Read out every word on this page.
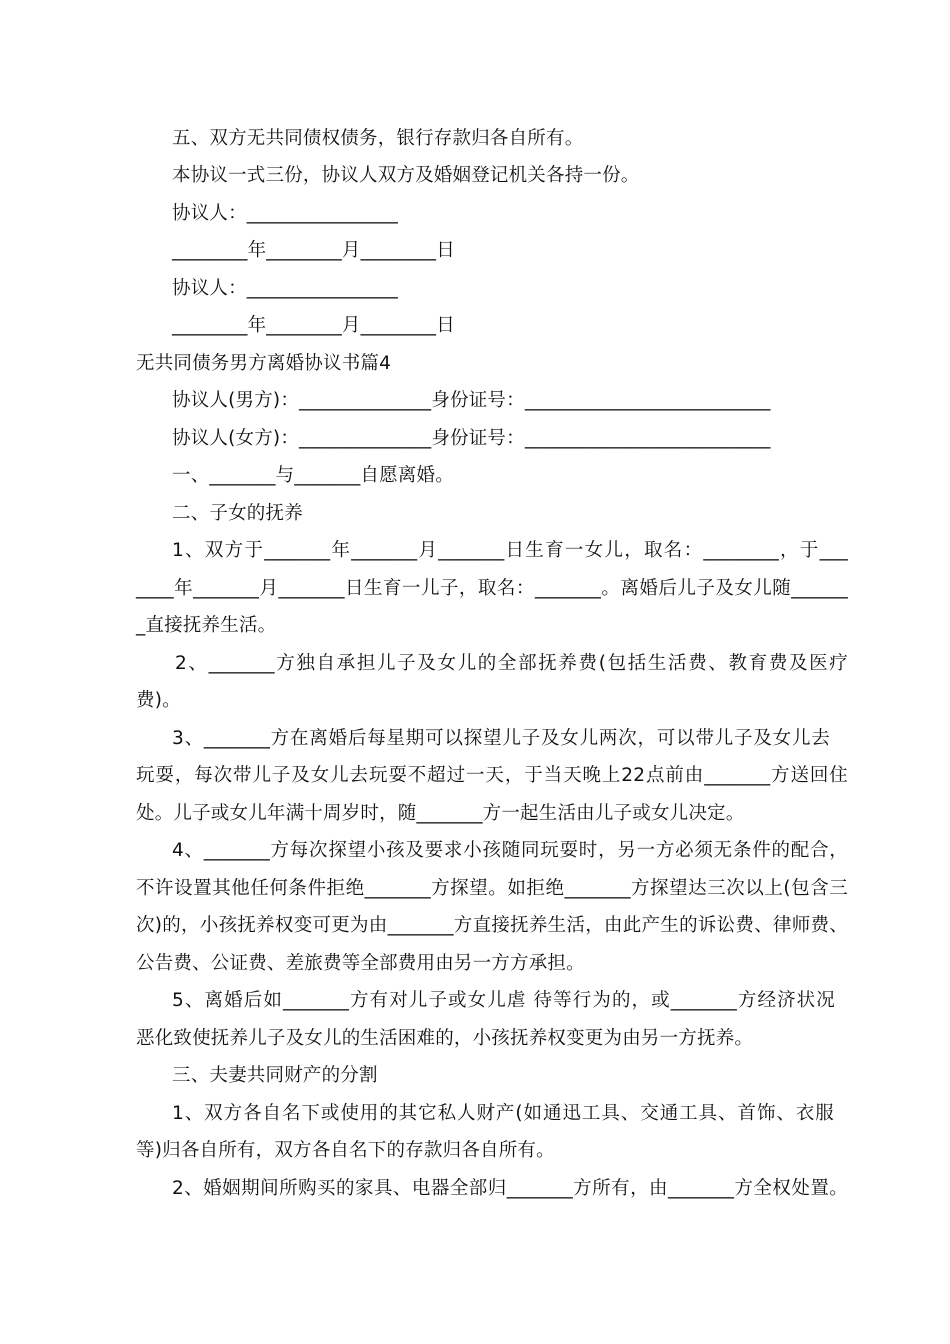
五、双方无共同债权债务，银行存款归各自所有。

本协议一式三份，协议人双方及婚姻登记机关各持一份。

协议人：________________

________年________月________日

协议人：________________

________年________月________日

无共同债务男方离婚协议书篇4

协议人(男方)：______________身份证号：__________________________

协议人(女方)：______________身份证号：__________________________

一、_______与_______自愿离婚。

二、子女的抚养

1、双方于_______年_______月_______日生育一女儿，取名：________，于___

____年_______月_______日生育一儿子，取名：_______。离婚后儿子及女儿随______

_直接抚养生活。

2、_______方独自承担儿子及女儿的全部抚养费(包括生活费、教育费及医疗

费)。

3、_______方在离婚后每星期可以探望儿子及女儿两次，可以带儿子及女儿去

玩耍，每次带儿子及女儿去玩耍不超过一天，于当天晚上22点前由_______方送回住

处。儿子或女儿年满十周岁时，随_______方一起生活由儿子或女儿决定。

4、_______方每次探望小孩及要求小孩随同玩耍时，另一方必须无条件的配合，

不许设置其他任何条件拒绝_______方探望。如拒绝_______方探望达三次以上(包含三

次)的，小孩抚养权变可更为由_______方直接抚养生活，由此产生的诉讼费、律师费、

公告费、公证费、差旅费等全部费用由另一方方承担。

5、离婚后如_______方有对儿子或女儿虐 待等行为的，或_______方经济状况

恶化致使抚养儿子及女儿的生活困难的，小孩抚养权变更为由另一方抚养。

三、夫妻共同财产的分割

1、双方各自名下或使用的其它私人财产(如通迅工具、交通工具、首饰、衣服

等)归各自所有，双方各自名下的存款归各自所有。

2、婚姻期间所购买的家具、电器全部归_______方所有，由_______方全权处置。
